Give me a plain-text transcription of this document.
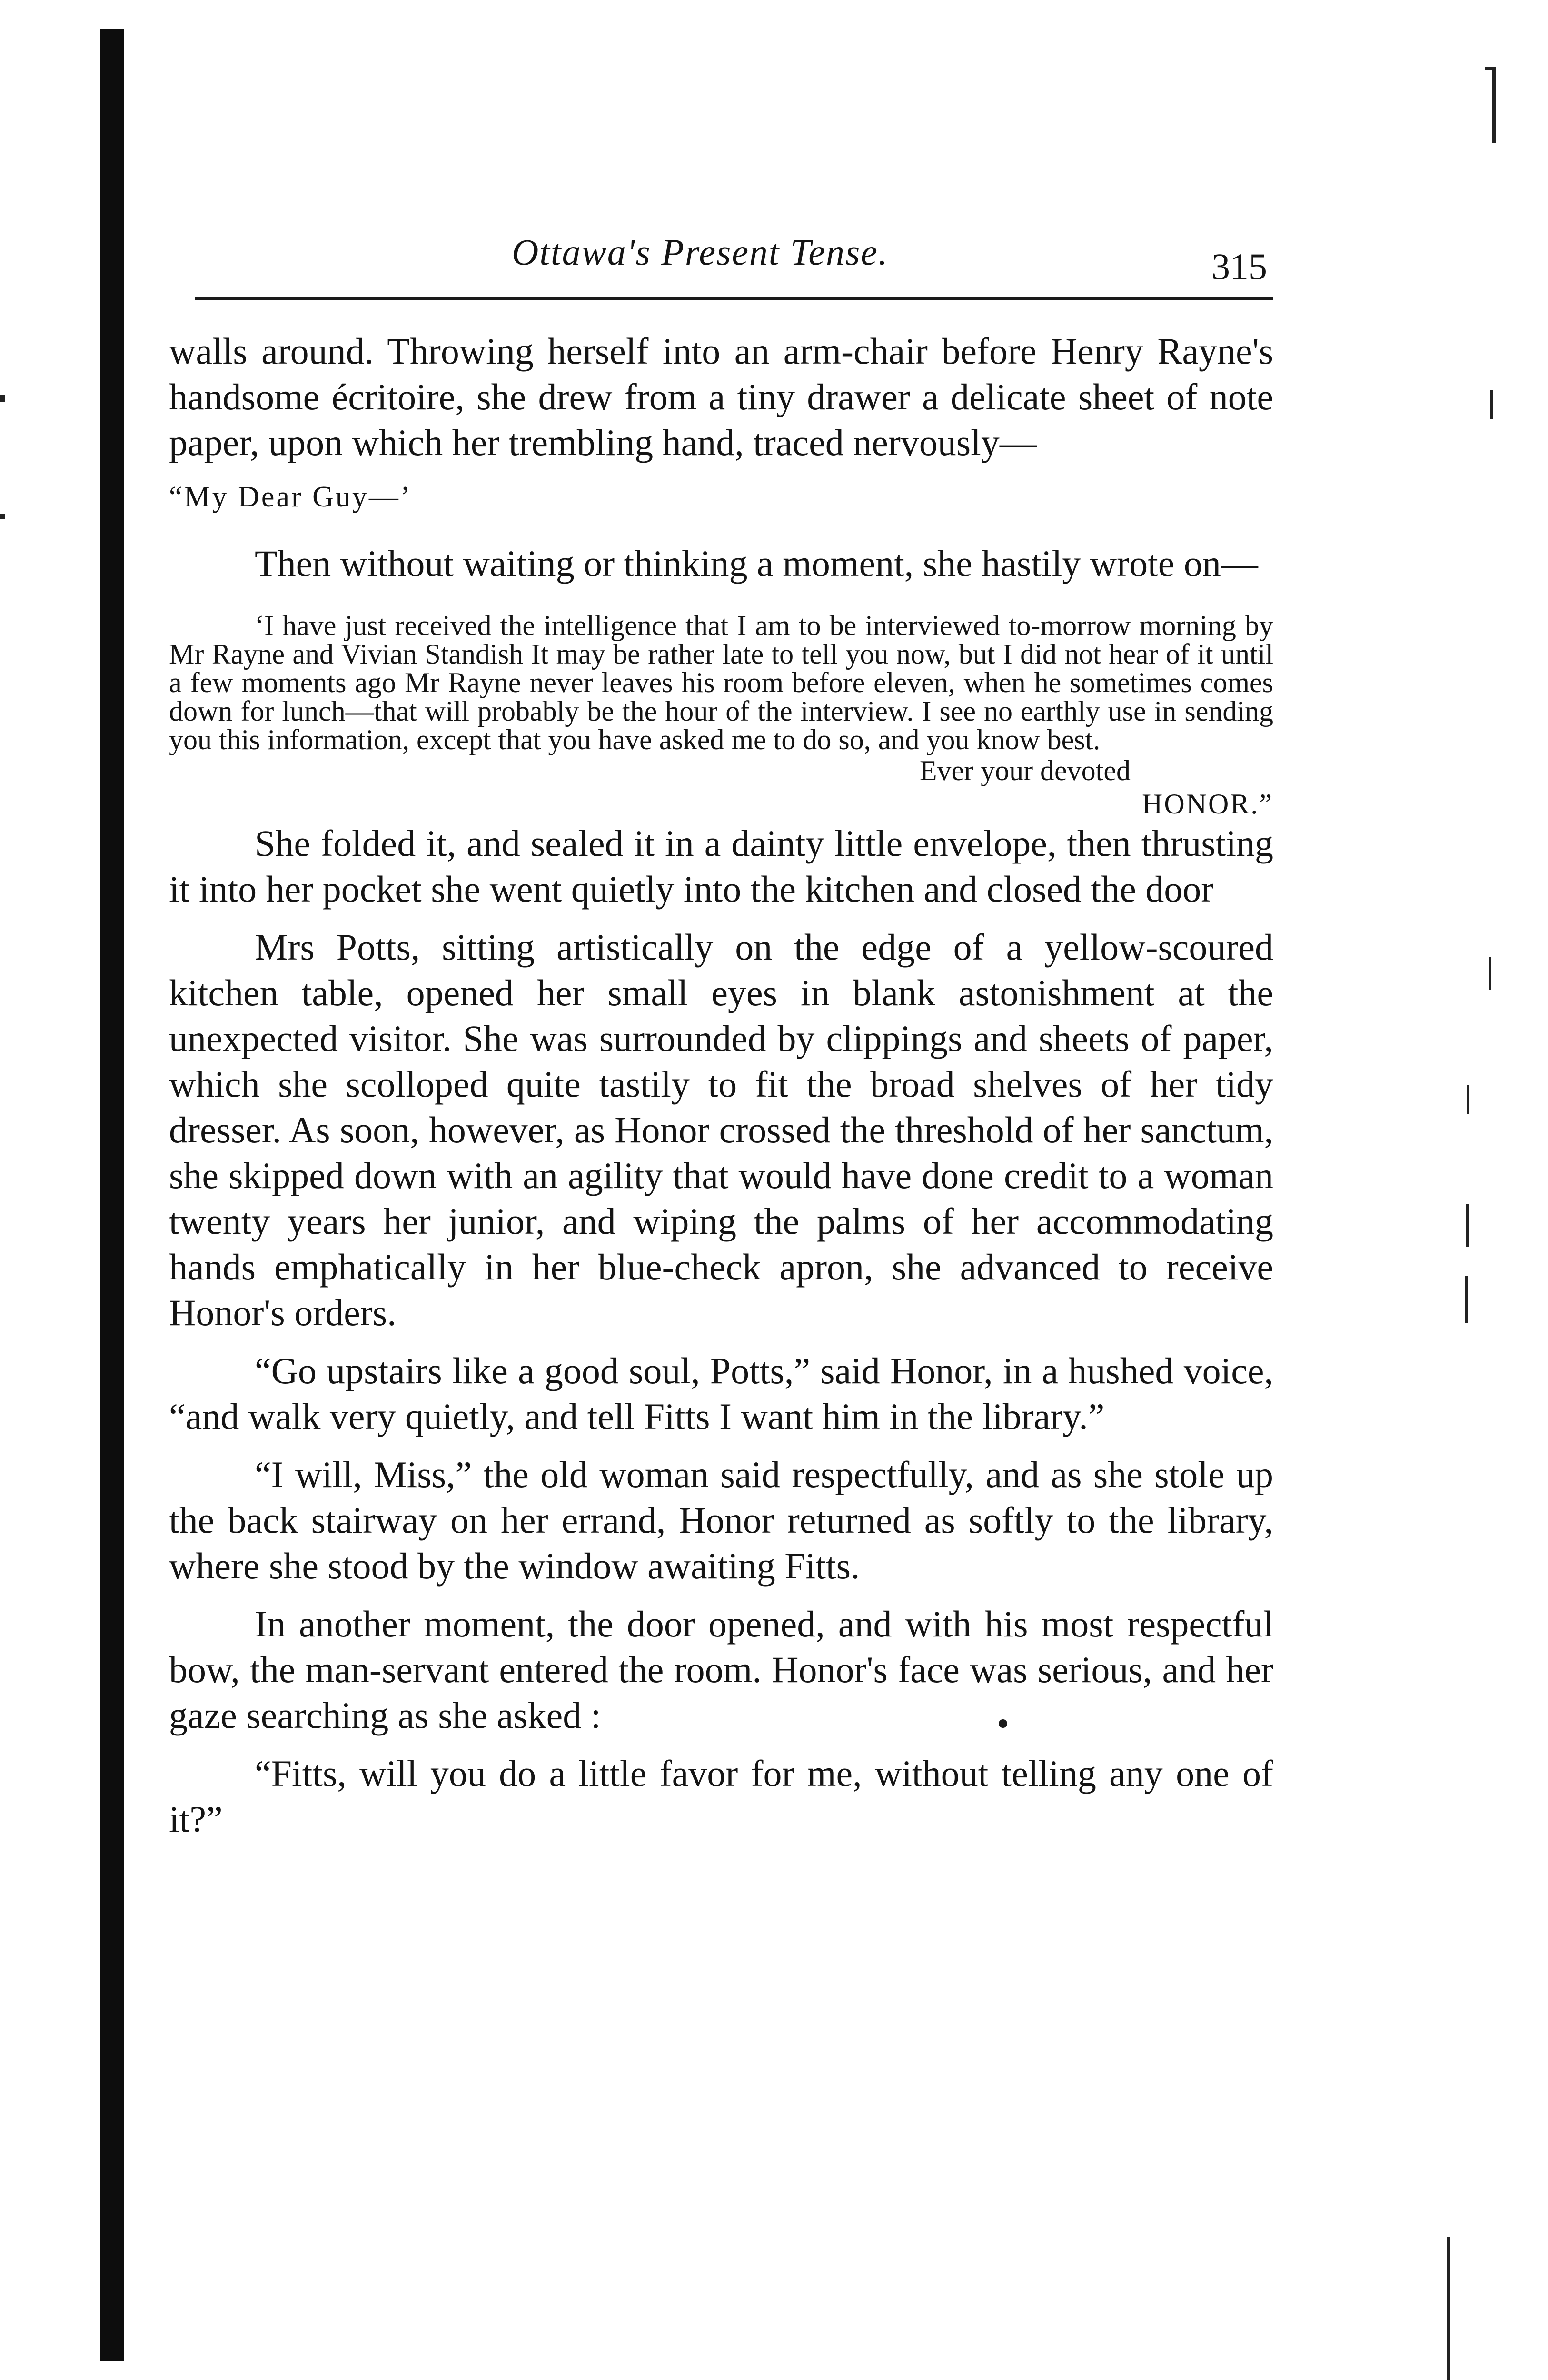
Ottawa's Present Tense.	315

walls around. Throwing herself into an arm-chair before Henry Rayne's handsome écritoire, she drew from a tiny drawer a delicate sheet of note paper, upon which her trembling hand, traced nervously—

“My Dear Guy—’

Then without waiting or thinking a moment, she hastily wrote on—

‘I have just received the intelligence that I am to be interviewed to-morrow morning by Mr Rayne and Vivian Standish It may be rather late to tell you now, but I did not hear of it until a few moments ago Mr Rayne never leaves his room before eleven, when he sometimes comes down for lunch—that will probably be the hour of the interview. I see no earthly use in sending you this information, except that you have asked me to do so, and you know best.

Ever your devoted

HONOR.”

She folded it, and sealed it in a dainty little envelope, then thrusting it into her pocket she went quietly into the kitchen and closed the door

Mrs Potts, sitting artistically on the edge of a yellow-scoured kitchen table, opened her small eyes in blank astonishment at the unexpected visitor. She was surrounded by clippings and sheets of paper, which she scolloped quite tastily to fit the broad shelves of her tidy dresser. As soon, however, as Honor crossed the threshold of her sanctum, she skipped down with an agility that would have done credit to a woman twenty years her junior, and wiping the palms of her accommodating hands emphatically in her blue-check apron, she advanced to receive Honor's orders.

“Go upstairs like a good soul, Potts,” said Honor, in a hushed voice, “and walk very quietly, and tell Fitts I want him in the library.”

“I will, Miss,” the old woman said respectfully, and as she stole up the back stairway on her errand, Honor returned as softly to the library, where she stood by the window awaiting Fitts.

In another moment, the door opened, and with his most respectful bow, the man-servant entered the room. Honor's face was serious, and her gaze searching as she asked :

“Fitts, will you do a little favor for me, without telling any one of it?”
